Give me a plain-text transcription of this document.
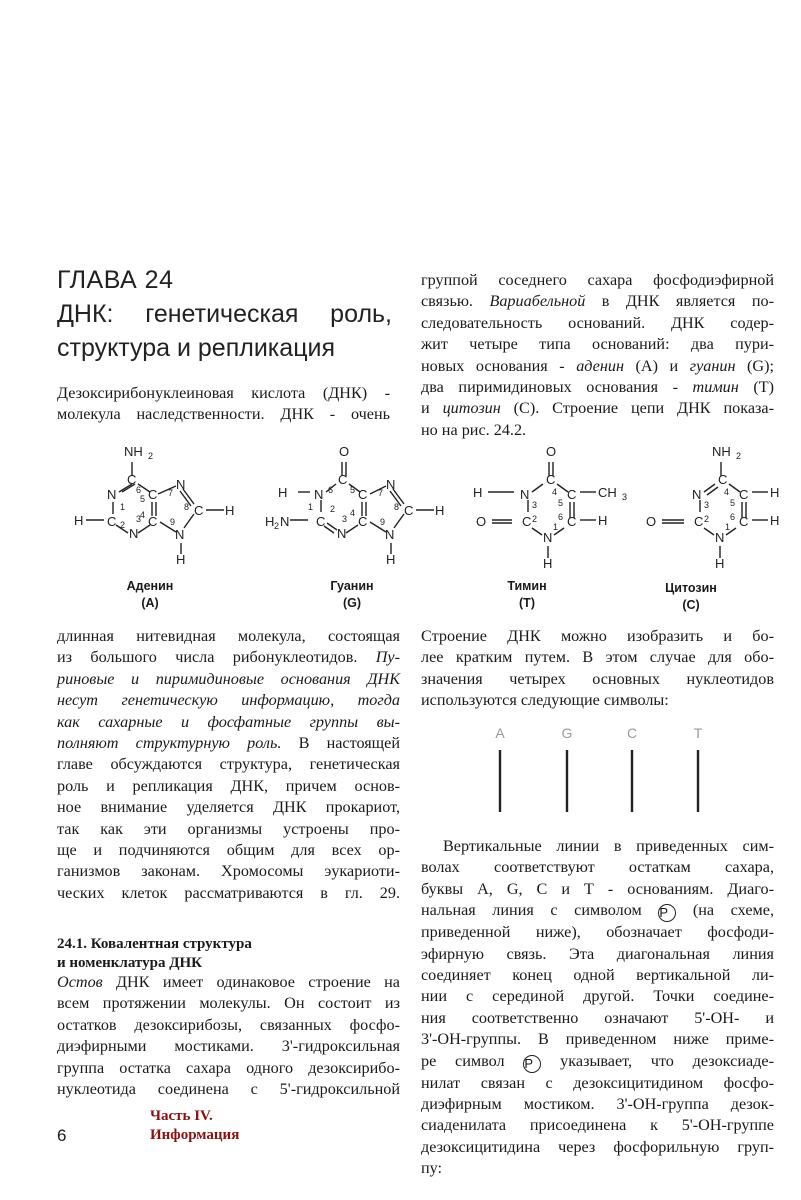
ГЛАВА 24
ДНК: генетическая роль,
структура и репликация
Дезоксирибонуклеиновая кислота (ДНК) -
молекула наследственности. ДНК - очень
группой соседнего сахара фосфодиэфирной
связью. Вариабельной в ДНК является по-
следовательность оснований. ДНК содер-
жит четыре типа оснований: два пури-
новых основания - аденин (А) и гуанин (G);
два пиримидиновых основания - тимин (Т)
и цитозин (С). Строение цепи ДНК показа-
но на рис. 24.2.
NH 2
C
N
C
N
C
C
N
C
N
H
H
H
6
1
2
3
5
4
7
8
9
O
C
H N
C
N
H 2 N
C
C
N
C
N
H
H
5
6
1 2
3
4
7
8
9
O
C
H	N
C
O
N
C
C
CH 3
H
H
4
3
2
1
5
6
NH 2
C
N
C
O
N
C
C
H
H
H
4
3
2
1
5
6
Аденин
(A)
Гуанин
(G)
Тимин
(T)
Цитозин
(C)
длинная нитевидная молекула, состоящая
из большого числа рибонуклеотидов. Пу-
риновые и пиримидиновые основания ДНК
несут генетическую информацию, тогда
как сахарные и фосфатные группы вы-
полняют структурную роль. В настоящей
главе обсуждаются структура, генетическая
роль и репликация ДНК, причем основ-
ное внимание уделяется ДНК прокариот,
так как эти организмы устроены про-
ще и подчиняются общим для всех ор-
ганизмов законам. Хромосомы эукариоти-
ческих клеток рассматриваются в гл. 29.
Строение ДНК можно изобразить и бо-
лее кратким путем. В этом случае для обо-
значения четырех основных нуклеотидов
используются следующие символы:
A	G	C	T
24.1. Ковалентная структура
и номенклатура ДНК
Остов ДНК имеет одинаковое строение на
всем протяжении молекулы. Он состоит из
остатков дезоксирибозы, связанных фосфо-
диэфирными мостиками. 3'-гидроксильная
группа остатка сахара одного дезоксирибо-
нуклеотида соединена с 5'-гидроксильной
Вертикальные линии в приведенных сим-
волах соответствуют остаткам сахара,
буквы А, G, С и Т - основаниям. Диаго-
нальная линия с символом P (на схеме,
приведенной ниже), обозначает фосфоди-
эфирную связь. Эта диагональная линия
соединяет конец одной вертикальной ли-
нии с серединой другой. Точки соедине-
ния соответственно означают 5'-ОН- и
3'-ОН-группы. В приведенном ниже приме-
ре символ P указывает, что дезоксиаде-
нилат связан с дезоксицитидином фосфо-
диэфирным мостиком. 3'-ОН-группа дезок-
сиаденилата присоединена к 5'-ОН-группе
дезоксицитидина через фосфорильную груп-
пу:
6
Часть IV.
Информация
